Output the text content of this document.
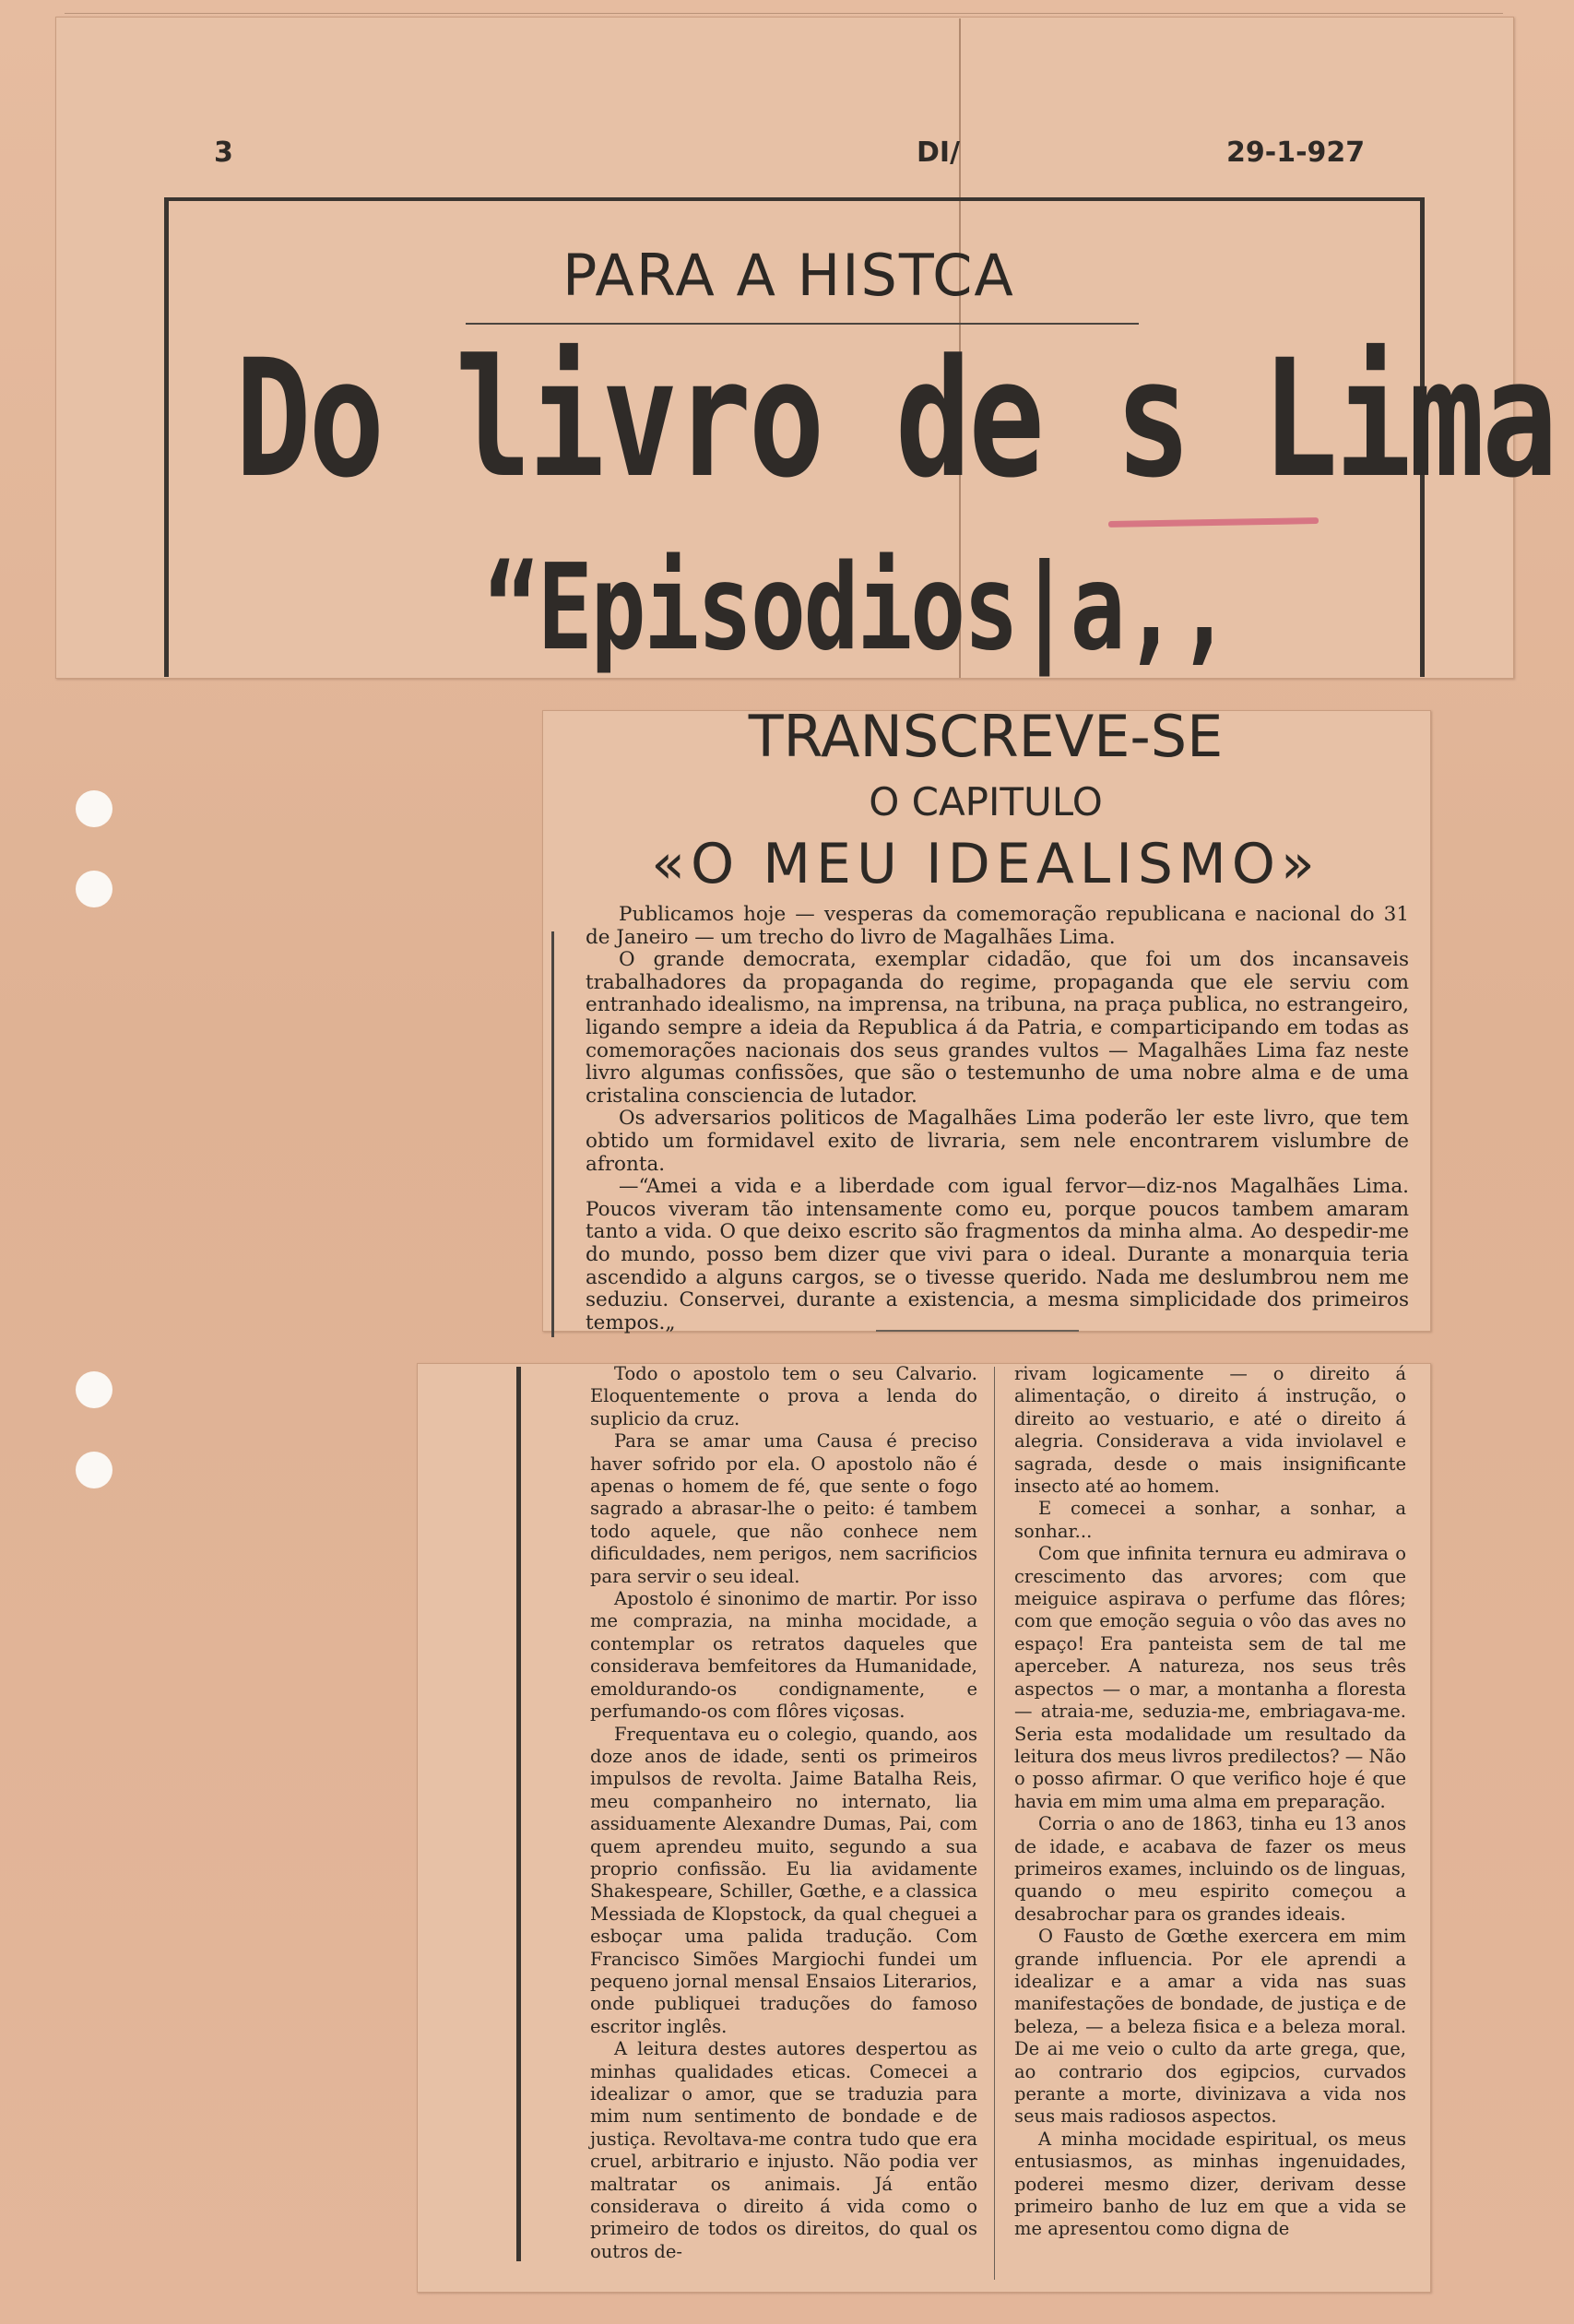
3	DI/	29-1-927
PARA A HISTCA
Do livro de s Lima
“Episodios|a,,
TRANSCREVE-SE
O CAPITULO
«O MEU IDEALISMO»

Publicamos hoje — vesperas da comemoração republicana e nacional do 31 de Janeiro — um trecho do livro de Magalhães Lima.

O grande democrata, exemplar cidadão, que foi um dos incansaveis trabalhadores da propaganda do regime, propaganda que ele serviu com entranhado idealismo, na imprensa, na tribuna, na praça publica, no estrangeiro, ligando sempre a ideia da Republica á da Patria, e comparticipando em todas as comemorações nacionais dos seus grandes vultos — Magalhães Lima faz neste livro algumas confissões, que são o testemunho de uma nobre alma e de uma cristalina consciencia de lutador.

Os adversarios politicos de Magalhães Lima poderão ler este livro, que tem obtido um formidavel exito de livraria, sem nele encontrarem vislumbre de afronta.

—“Amei a vida e a liberdade com igual fervor—diz-nos Magalhães Lima. Poucos viveram tão intensamente como eu, porque poucos tambem amaram tanto a vida. O que deixo escrito são fragmentos da minha alma. Ao despedir-me do mundo, posso bem dizer que vivi para o ideal. Durante a monarquia teria ascendido a alguns cargos, se o tivesse querido. Nada me deslumbrou nem me seduziu. Conservei, durante a existencia, a mesma simplicidade dos primeiros tempos.„

Todo o apostolo tem o seu Calvario. Eloquentemente o prova a lenda do suplicio da cruz.

Para se amar uma Causa é preciso haver sofrido por ela. O apostolo não é apenas o homem de fé, que sente o fogo sagrado a abrasar-lhe o peito: é tambem todo aquele, que não conhece nem dificuldades, nem perigos, nem sacrificios para servir o seu ideal.

Apostolo é sinonimo de martir. Por isso me comprazia, na minha mocidade, a contemplar os retratos daqueles que considerava bemfeitores da Humanidade, emoldurando-os condignamente, e perfumando-os com flôres viçosas.

Frequentava eu o colegio, quando, aos doze anos de idade, senti os primeiros impulsos de revolta. Jaime Batalha Reis, meu companheiro no internato, lia assiduamente Alexandre Dumas, Pai, com quem aprendeu muito, segundo a sua proprio confissão. Eu lia avidamente Shakespeare, Schiller, Gœthe, e a classica Messiada de Klopstock, da qual cheguei a esboçar uma palida tradução. Com Francisco Simões Margiochi fundei um pequeno jornal mensal Ensaios Literarios, onde publiquei traduções do famoso escritor inglês.

A leitura destes autores despertou as minhas qualidades eticas. Comecei a idealizar o amor, que se traduzia para mim num sentimento de bondade e de justiça. Revoltava-me contra tudo que era cruel, arbitrario e injusto. Não podia ver maltratar os animais. Já então considerava o direito á vida como o primeiro de todos os direitos, do qual os outros de-

rivam logicamente — o direito á alimentação, o direito á instrução, o direito ao vestuario, e até o direito á alegria. Considerava a vida inviolavel e sagrada, desde o mais insignificante insecto até ao homem.

E comecei a sonhar, a sonhar, a sonhar...

Com que infinita ternura eu admirava o crescimento das arvores; com que meiguice aspirava o perfume das flôres; com que emoção seguia o vôo das aves no espaço! Era panteista sem de tal me aperceber. A natureza, nos seus três aspectos — o mar, a montanha a floresta — atraia-me, seduzia-me, embriagava-me. Seria esta modalidade um resultado da leitura dos meus livros predilectos? — Não o posso afirmar. O que verifico hoje é que havia em mim uma alma em preparação.

Corria o ano de 1863, tinha eu 13 anos de idade, e acabava de fazer os meus primeiros exames, incluindo os de linguas, quando o meu espirito começou a desabrochar para os grandes ideais.

O Fausto de Gœthe exercera em mim grande influencia. Por ele aprendi a idealizar e a amar a vida nas suas manifestações de bondade, de justiça e de beleza, — a beleza fisica e a beleza moral. De ai me veio o culto da arte grega, que, ao contrario dos egipcios, curvados perante a morte, divinizava a vida nos seus mais radiosos aspectos.

A minha mocidade espiritual, os meus entusiasmos, as minhas ingenuidades, poderei mesmo dizer, derivam desse primeiro banho de luz em que a vida se me apresentou como digna de
